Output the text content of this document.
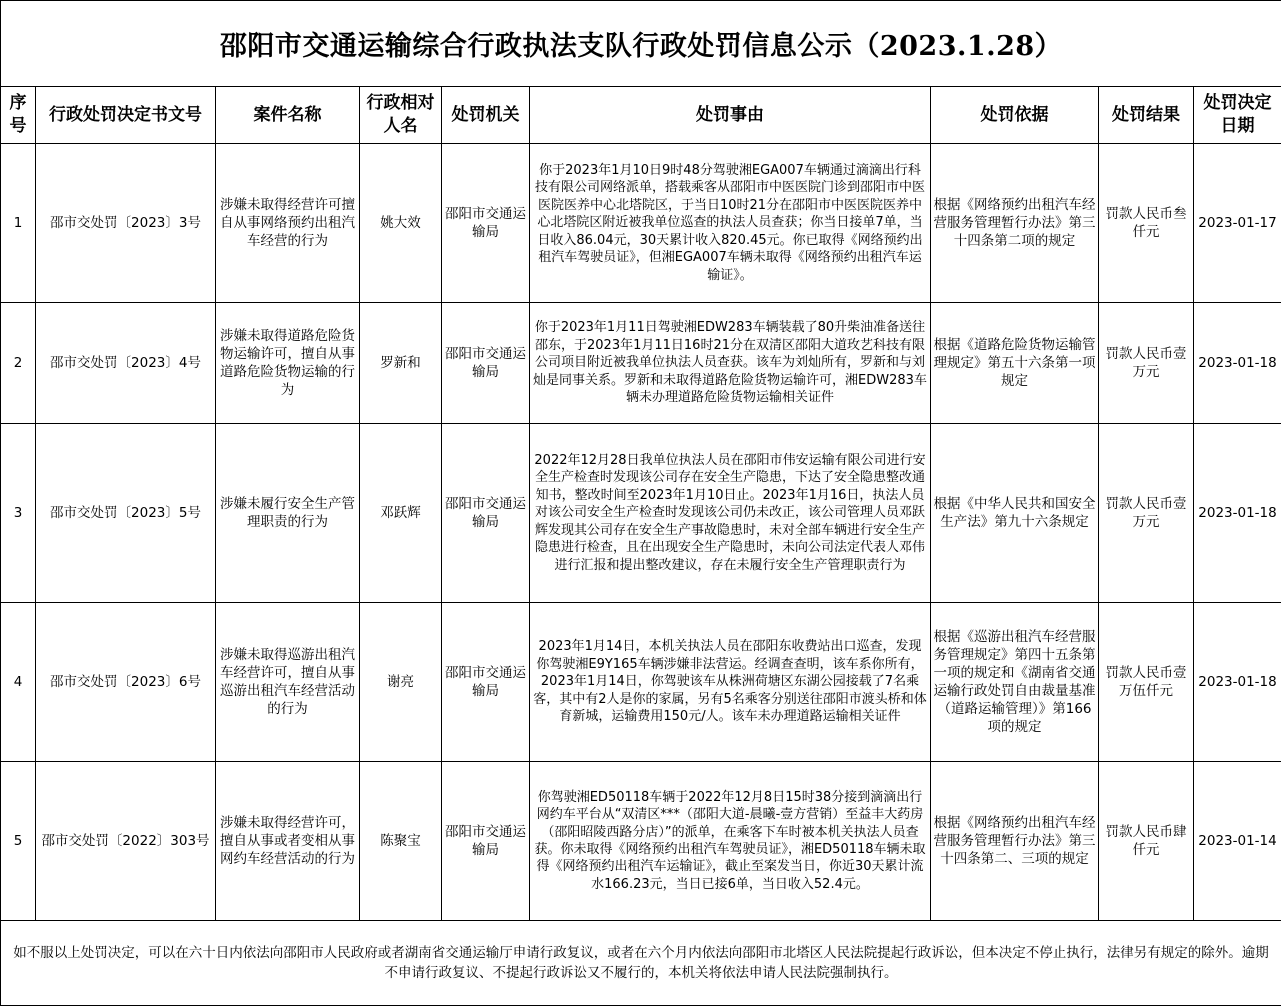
邵阳市交通运输综合行政执法支队行政处罚信息公示（2023.1.28）								
序号	行政处罚决定书文号	案件名称	行政相对人名	处罚机关	处罚事由	处罚依据	处罚结果	处罚决定日期
1	邵市交处罚〔2023〕3号	涉嫌未取得经营许可擅自从事网络预约出租汽车经营的行为	姚大效	邵阳市交通运输局	你于2023年1月10日9时48分驾驶湘EGA007车辆通过滴滴出行科技有限公司网络派单，搭载乘客从邵阳市中医医院门诊到邵阳市中医医院医养中心北塔院区，于当日10时21分在邵阳市中医医院医养中心北塔院区附近被我单位巡查的执法人员查获；你当日接单7单，当日收入86.04元，30天累计收入820.45元。你已取得《网络预约出租汽车驾驶员证》，但湘EGA007车辆未取得《网络预约出租汽车运输证》。	根据《网络预约出租汽车经营服务管理暂行办法》第三十四条第二项的规定	罚款人民币叁仟元	2023-01-17
2	邵市交处罚〔2023〕4号	涉嫌未取得道路危险货物运输许可，擅自从事道路危险货物运输的行为	罗新和	邵阳市交通运输局	你于2023年1月11日驾驶湘EDW283车辆装载了80升柴油准备送往邵东，于2023年1月11日16时21分在双清区邵阳大道玫艺科技有限公司项目附近被我单位执法人员查获。该车为刘灿所有，罗新和与刘灿是同事关系。罗新和未取得道路危险货物运输许可，湘EDW283车辆未办理道路危险货物运输相关证件	根据《道路危险货物运输管理规定》第五十六条第一项规定	罚款人民币壹万元	2023-01-18
3	邵市交处罚〔2023〕5号	涉嫌未履行安全生产管理职责的行为	邓跃辉	邵阳市交通运输局	2022年12月28日我单位执法人员在邵阳市伟安运输有限公司进行安全生产检查时发现该公司存在安全生产隐患，下达了安全隐患整改通知书，整改时间至2023年1月10日止。2023年1月16日，执法人员对该公司安全生产检查时发现该公司仍未改正，该公司管理人员邓跃辉发现其公司存在安全生产事故隐患时，未对全部车辆进行安全生产隐患进行检查，且在出现安全生产隐患时，未向公司法定代表人邓伟进行汇报和提出整改建议，存在未履行安全生产管理职责行为	根据《中华人民共和国安全生产法》第九十六条规定	罚款人民币壹万元	2023-01-18
4	邵市交处罚〔2023〕6号	涉嫌未取得巡游出租汽车经营许可，擅自从事巡游出租汽车经营活动的行为	谢亮	邵阳市交通运输局	2023年1月14日，本机关执法人员在邵阳东收费站出口巡查，发现你驾驶湘E9Y165车辆涉嫌非法营运。经调查查明，该车系你所有，2023年1月14日，你驾驶该车从株洲荷塘区东湖公园接载了7名乘客，其中有2人是你的家属，另有5名乘客分别送往邵阳市渡头桥和体育新城，运输费用150元/人。该车未办理道路运输相关证件	根据《巡游出租汽车经营服务管理规定》第四十五条第一项的规定和《湖南省交通运输行政处罚自由裁量基准（道路运输管理）》第166项的规定	罚款人民币壹万伍仟元	2023-01-18
5	邵市交处罚〔2022〕303号	涉嫌未取得经营许可，擅自从事或者变相从事网约车经营活动的行为	陈聚宝	邵阳市交通运输局	你驾驶湘ED50118车辆于2022年12月8日15时38分接到滴滴出行网约车平台从“双清区***（邵阳大道-晨曦-壹方营销）至益丰大药房（邵阳昭陵西路分店）”的派单，在乘客下车时被本机关执法人员查获。你未取得《网络预约出租汽车驾驶员证》，湘ED50118车辆未取得《网络预约出租汽车运输证》，截止至案发当日，你近30天累计流水166.23元，当日已接6单，当日收入52.4元。	根据《网络预约出租汽车经营服务管理暂行办法》第三十四条第二、三项的规定	罚款人民币肆仟元	2023-01-14
如不服以上处罚决定，可以在六十日内依法向邵阳市人民政府或者湖南省交通运输厅申请行政复议，或者在六个月内依法向邵阳市北塔区人民法院提起行政诉讼，但本决定不停止执行，法律另有规定的除外。逾期不申请行政复议、不提起行政诉讼又不履行的，本机关将依法申请人民法院强制执行。								
